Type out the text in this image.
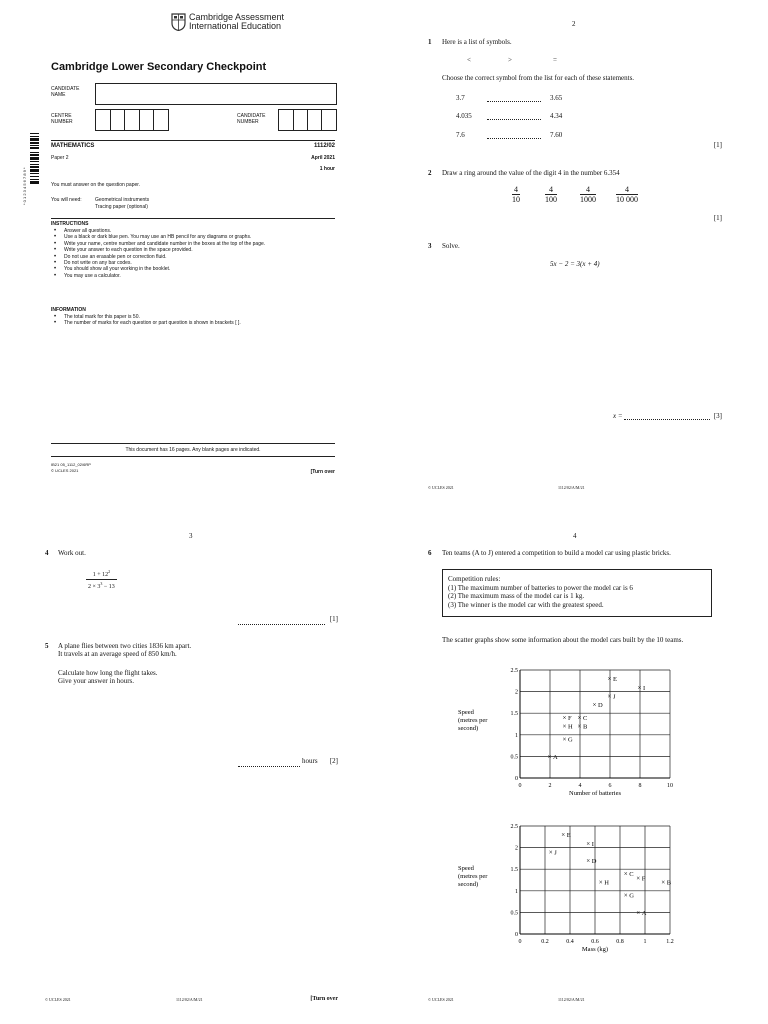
Cambridge Assessment
International Education
Cambridge Lower Secondary Checkpoint
CANDIDATE
NAME
CENTRE
NUMBER
CANDIDATE
NUMBER
* 0 1 2 3 4 5 6 7 8 9 *
MATHEMATICS	1112/02
Paper 2	April 2021
1 hour
You must answer on the question paper.
You will need:	Geometrical instruments
Tracing paper (optional)
INSTRUCTIONS
• Answer all questions.
• Use a black or dark blue pen. You may use an HB pencil for any diagrams or graphs.
• Write your name, centre number and candidate number in the boxes at the top of the page.
• Write your answer to each question in the space provided.
• Do not use an erasable pen or correction fluid.
• Do not write on any bar codes.
• You should show all your working in the booklet.
• You may use a calculator.
INFORMATION
• The total mark for this paper is 50.
• The number of marks for each question or part question is shown in brackets [ ].
This document has 16 pages. Any blank pages are indicated.
IB21 05_1112_02/6RP
© UCLES 2021	[Turn over
2
1 Here is a list of symbols.
<	>	=
Choose the correct symbol from the list for each of these statements.
3.7	3.65
4.035	4.34
7.6	7.60
[1]
2 Draw a ring around the value of the digit 4 in the number 6.354
$\frac{4}{10}$	$\frac{4}{100}$	$\frac{4}{1000}$	$\frac{4}{10 000}$
[1]
3 Solve.
5x − 2 = 3(x + 4)
x =	[3]
© UCLES 2021	1112/02/A/M/21
3
4 Work out.
$\frac{1 + 12^2}{2 \times 3^3 - 13}$
[1]
5 A plane flies between two cities 1836 km apart.
It travels at an average speed of 850 km/h.
Calculate how long the flight takes.
Give your answer in hours.
hours [2]
© UCLES 2021	1112/02/A/M/21	[Turn over
4
6 Ten teams (A to J) entered a competition to build a model car using plastic bricks.
Competition rules:
(1) The maximum number of batteries to power the model car is 6
(2) The maximum mass of the model car is 1 kg.
(3) The winner is the model car with the greatest speed.
The scatter graphs show some information about the model cars built by the 10 teams.
0	2	4	6	8	10
0
0.5
1
1.5
2
2.5
Number of batteries
Speed
(metres per
second)
× A
× B
× C
× D
× E
× F
× G
× H
× I
× J
0	0.2	0.4	0.6	0.8	1	1.2
0
0.5
1
1.5
2
2.5
Mass (kg)
Speed
(metres per
second)
× A
× B
× C
× D
× E
× F
× G
× H
× I
× J
© UCLES 2021	1112/02/A/M/21
